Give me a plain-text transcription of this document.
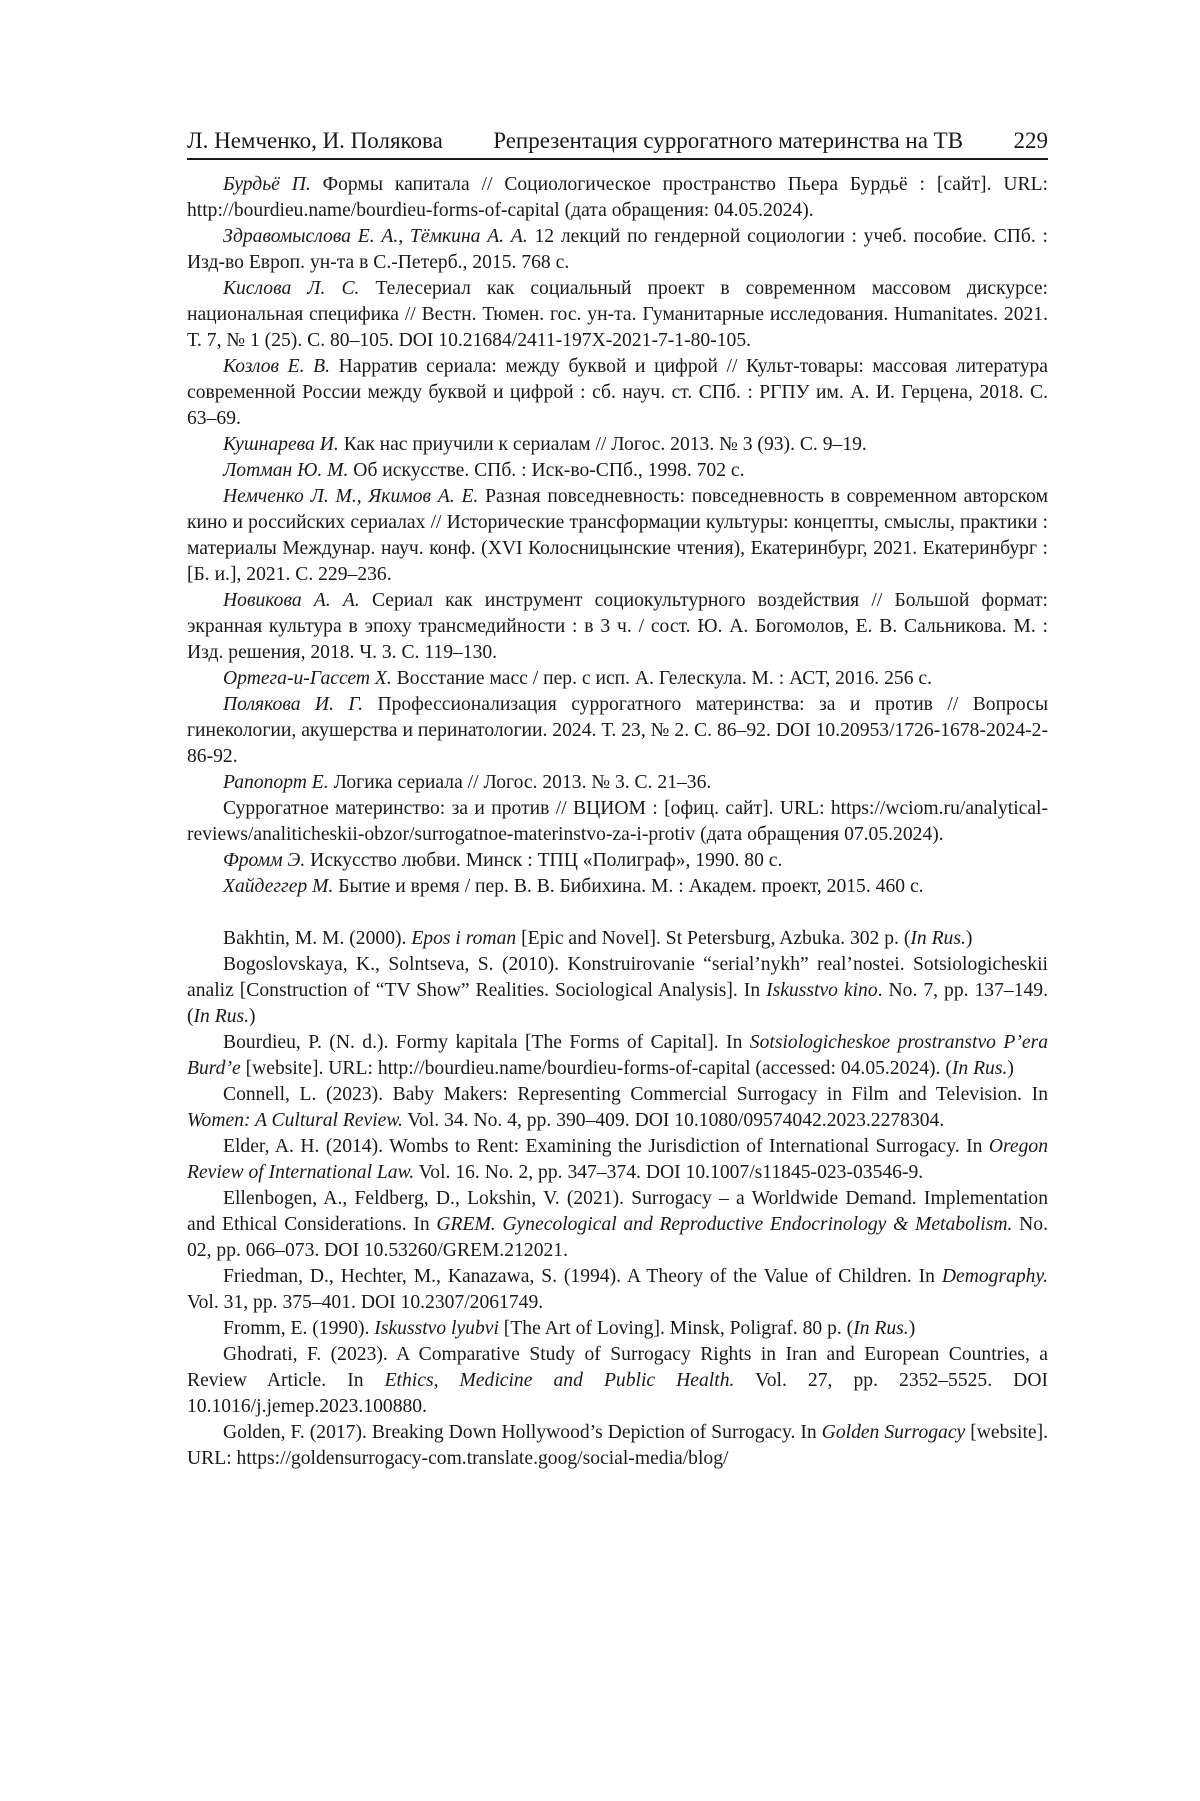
Л. Немченко, И. Полякова Репрезентация суррогатного материнства на ТВ 229

Бурдьё П. Формы капитала // Социологическое пространство Пьера Бурдьё : [сайт]. URL: http://bourdieu.name/bourdieu-forms-of-capital (дата обращения: 04.05.2024).

Здравомыслова Е. А., Тёмкина А. А. 12 лекций по гендерной социологии : учеб. пособие. СПб. : Изд-во Европ. ун-та в С.-Петерб., 2015. 768 с.

Кислова Л. С. Телесериал как социальный проект в современном массовом дискурсе: национальная специфика // Вестн. Тюмен. гос. ун-та. Гуманитарные исследования. Humanitates. 2021. Т. 7, № 1 (25). С. 80–105. DOI 10.21684/2411-197X-2021-7-1-80-105.

Козлов Е. В. Нарратив сериала: между буквой и цифрой // Культ-товары: массовая литература современной России между буквой и цифрой : сб. науч. ст. СПб. : РГПУ им. А. И. Герцена, 2018. С. 63–69.

Кушнарева И. Как нас приучили к сериалам // Логос. 2013. № 3 (93). С. 9–19.

Лотман Ю. М. Об искусстве. СПб. : Иск-во-СПб., 1998. 702 с.

Немченко Л. М., Якимов А. Е. Разная повседневность: повседневность в современном авторском кино и российских сериалах // Исторические трансформации культуры: концепты, смыслы, практики : материалы Междунар. науч. конф. (XVI Колосницынские чтения), Екатеринбург, 2021. Екатеринбург : [Б. и.], 2021. С. 229–236.

Новикова А. А. Сериал как инструмент социокультурного воздействия // Большой формат: экранная культура в эпоху трансмедийности : в 3 ч. / сост. Ю. А. Богомолов, Е. В. Сальникова. М. : Изд. решения, 2018. Ч. 3. С. 119–130.

Ортега-и-Гассет Х. Восстание масс / пер. с исп. А. Гелескула. М. : АСТ, 2016. 256 с.

Полякова И. Г. Профессионализация суррогатного материнства: за и против // Вопросы гинекологии, акушерства и перинатологии. 2024. Т. 23, № 2. С. 86–92. DOI 10.20953/1726-1678-2024-2-86-92.

Рапопорт Е. Логика сериала // Логос. 2013. № 3. С. 21–36.

Суррогатное материнство: за и против // ВЦИОМ : [офиц. сайт]. URL: https://wciom.ru/analytical-reviews/analiticheskii-obzor/surrogatnoe-materinstvo-za-i-protiv (дата обращения 07.05.2024).

Фромм Э. Искусство любви. Минск : ТПЦ «Полиграф», 1990. 80 с.

Хайдеггер М. Бытие и время / пер. В. В. Бибихина. М. : Академ. проект, 2015. 460 с.

Bakhtin, M. M. (2000). Epos i roman [Epic and Novel]. St Petersburg, Azbuka. 302 p. (In Rus.)

Bogoslovskaya, K., Solntseva, S. (2010). Konstruirovanie “serial’nykh” real’nostei. Sotsiologicheskii analiz [Construction of “TV Show” Realities. Sociological Analysis]. In Iskusstvo kino. No. 7, pp. 137–149. (In Rus.)

Bourdieu, P. (N. d.). Formy kapitala [The Forms of Capital]. In Sotsiologicheskoe prostranstvo P’era Burd’e [website]. URL: http://bourdieu.name/bourdieu-forms-of-capital (accessed: 04.05.2024). (In Rus.)

Connell, L. (2023). Baby Makers: Representing Commercial Surrogacy in Film and Television. In Women: A Cultural Review. Vol. 34. No. 4, pp. 390–409. DOI 10.1080/09574042.2023.2278304.

Elder, A. H. (2014). Wombs to Rent: Examining the Jurisdiction of International Surrogacy. In Oregon Review of International Law. Vol. 16. No. 2, pp. 347–374. DOI 10.1007/s11845-023-03546-9.

Ellenbogen, A., Feldberg, D., Lokshin, V. (2021). Surrogacy – a Worldwide Demand. Implementation and Ethical Considerations. In GREM. Gynecological and Reproductive Endocrinology & Metabolism. No. 02, pp. 066–073. DOI 10.53260/GREM.212021.

Friedman, D., Hechter, M., Kanazawa, S. (1994). A Theory of the Value of Children. In Demography. Vol. 31, pp. 375–401. DOI 10.2307/2061749.

Fromm, E. (1990). Iskusstvo lyubvi [The Art of Loving]. Minsk, Poligraf. 80 p. (In Rus.)

Ghodrati, F. (2023). A Comparative Study of Surrogacy Rights in Iran and European Countries, a Review Article. In Ethics, Medicine and Public Health. Vol. 27, pp. 2352–5525. DOI 10.1016/j.jemep.2023.100880.

Golden, F. (2017). Breaking Down Hollywood’s Depiction of Surrogacy. In Golden Surrogacy [website]. URL: https://goldensurrogacy-com.translate.goog/social-media/blog/
